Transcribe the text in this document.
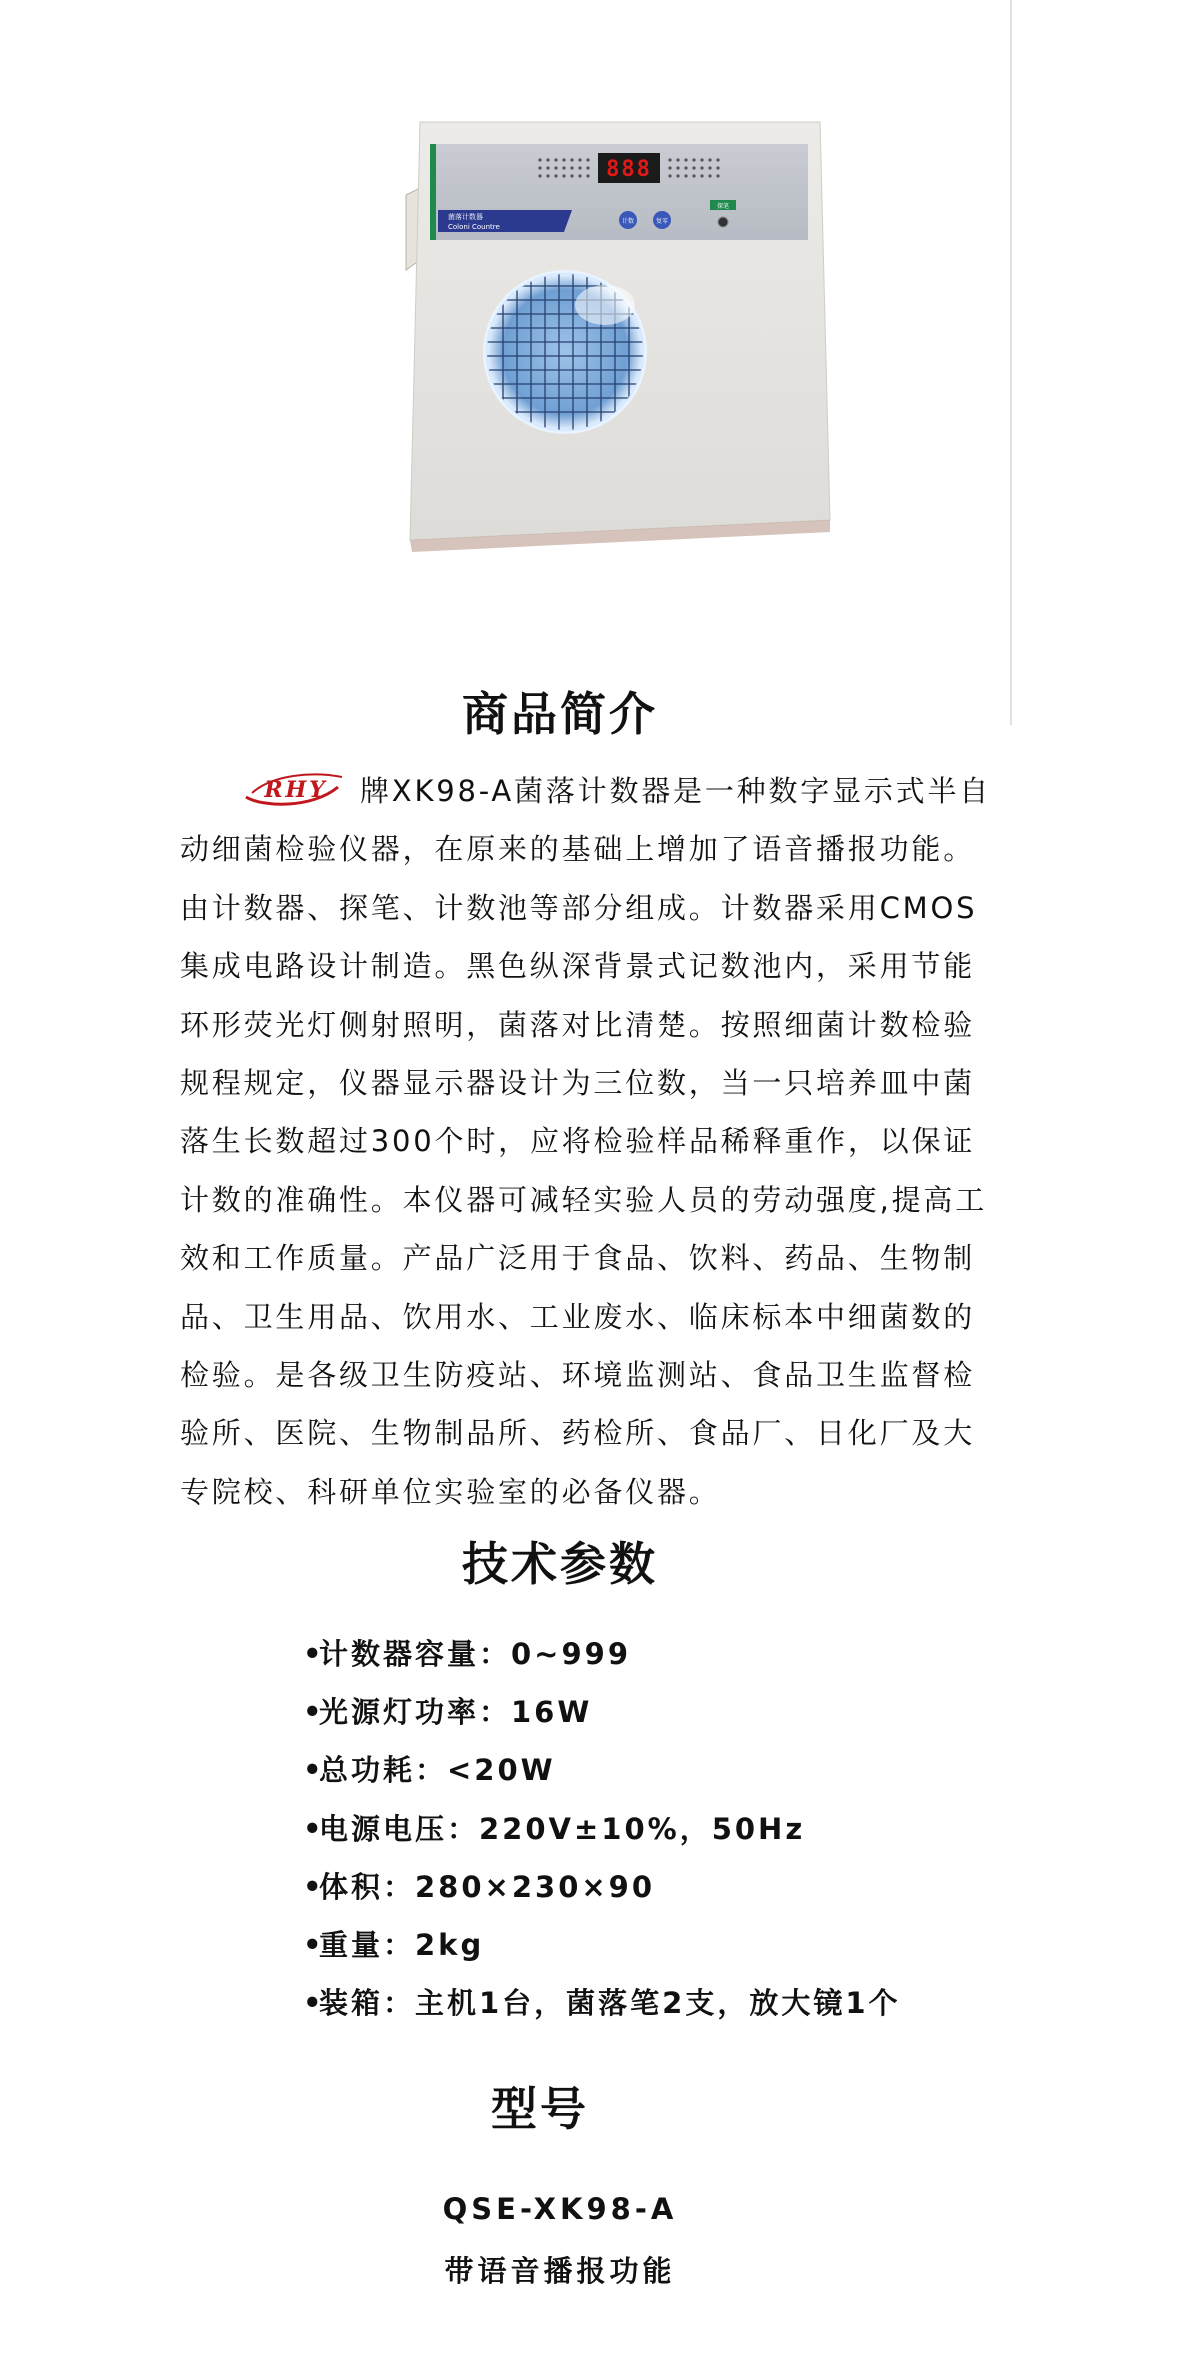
888
菌落计数器
Coloni Countre
计数	复零
探笔
商品简介
RHY 牌XK98-A菌落计数器是一种数字显示式半自
动细菌检验仪器，在原来的基础上增加了语音播报功能。
由计数器、探笔、计数池等部分组成。计数器采用CMOS
集成电路设计制造。黑色纵深背景式记数池内，采用节能
环形荧光灯侧射照明，菌落对比清楚。按照细菌计数检验
规程规定，仪器显示器设计为三位数，当一只培养皿中菌
落生长数超过300个时，应将检验样品稀释重作，以保证
计数的准确性。本仪器可减轻实验人员的劳动强度,提高工
效和工作质量。产品广泛用于食品、饮料、药品、生物制
品、卫生用品、饮用水、工业废水、临床标本中细菌数的
检验。是各级卫生防疫站、环境监测站、食品卫生监督检
验所、医院、生物制品所、药检所、食品厂、日化厂及大
专院校、科研单位实验室的必备仪器。
技术参数
•计数器容量：0~999
•光源灯功率：16W
•总功耗：<20W
•电源电压：220V±10%，50Hz
•体积：280×230×90
•重量：2kg
•装箱：主机1台，菌落笔2支，放大镜1个
型号
QSE-XK98-A
带语音播报功能
